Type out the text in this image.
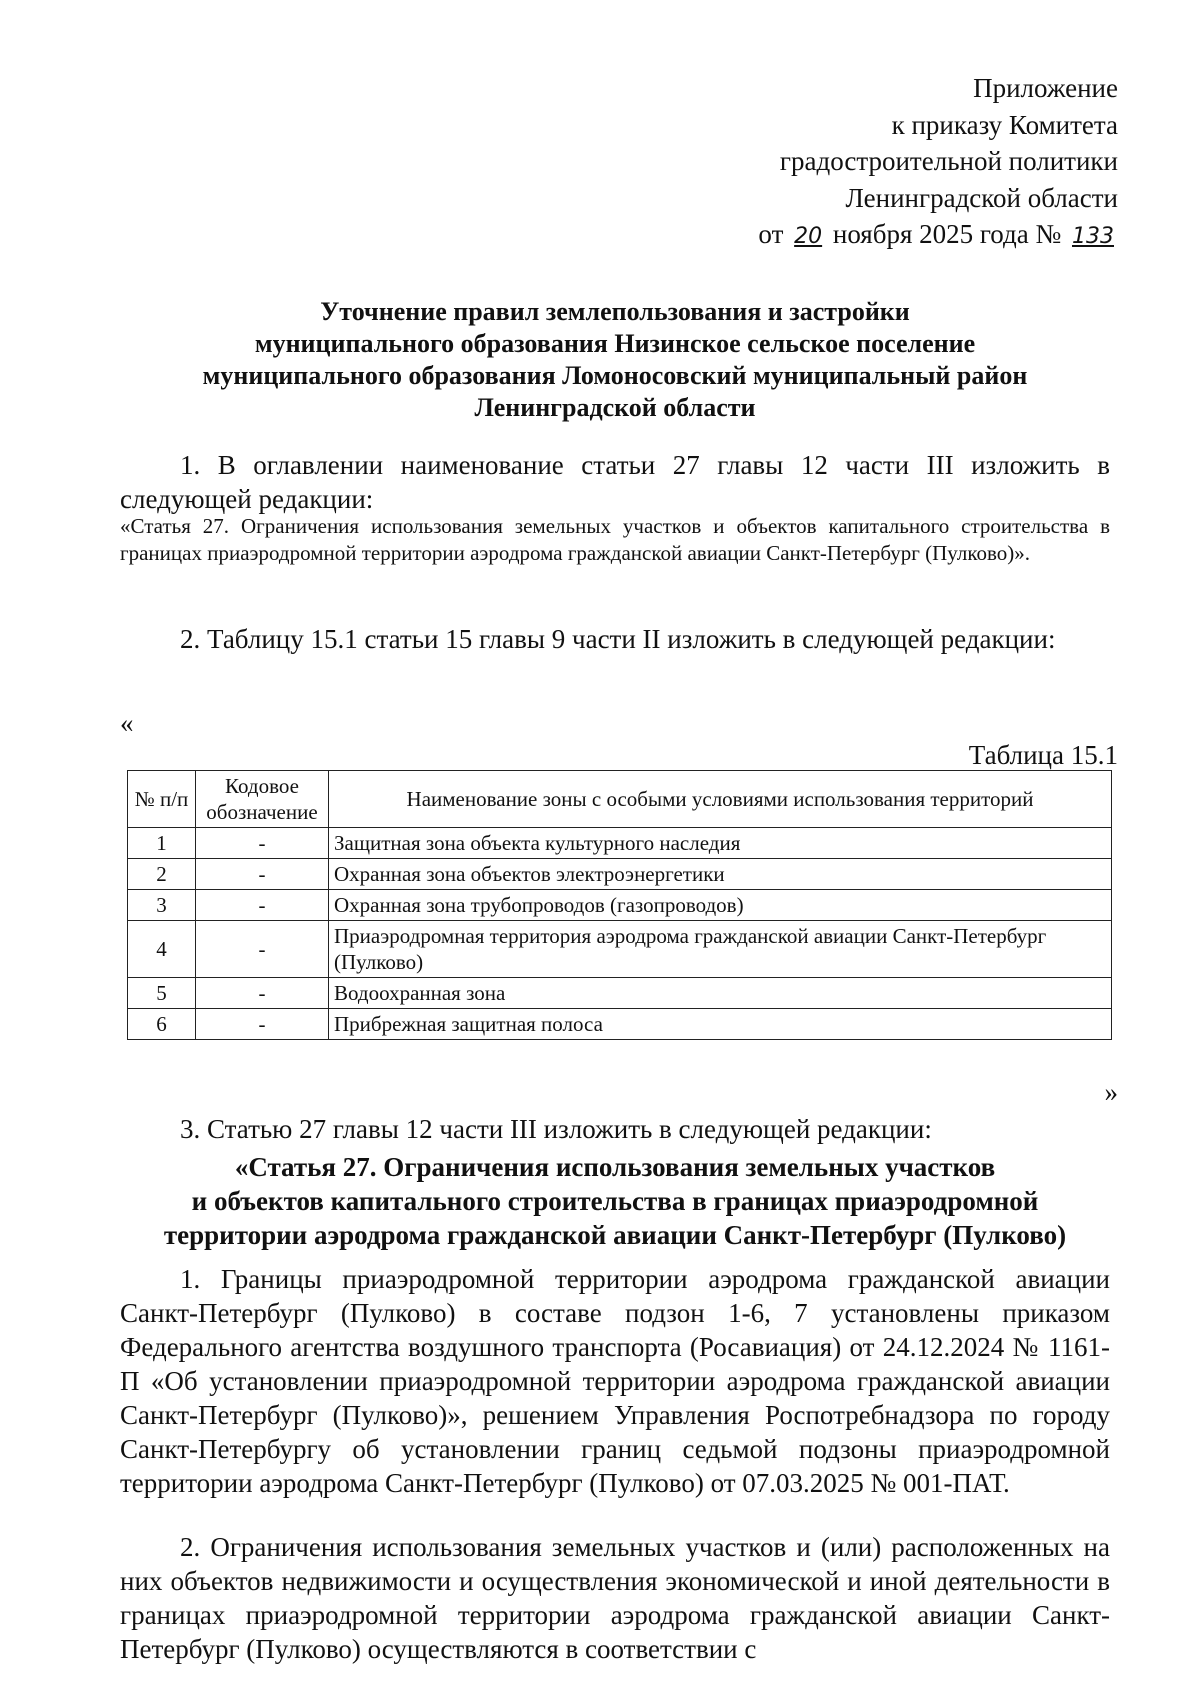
Приложение
к приказу Комитета
градостроительной политики
Ленинградской области
от 20 ноября 2025 года № 133
Уточнение правил землепользования и застройки
муниципального образования Низинское сельское поселение
муниципального образования Ломоносовский муниципальный район
Ленинградской области
1. В оглавлении наименование статьи 27 главы 12 части III изложить в следующей редакции:
«Статья 27. Ограничения использования земельных участков и объектов капитального строительства в границах приаэродромной территории аэродрома гражданской авиации Санкт-Петербург (Пулково)».
2. Таблицу 15.1 статьи 15 главы 9 части II изложить в следующей редакции:
«
Таблица 15.1
№ п/п	Кодовое обозначение	Наименование зоны с особыми условиями использования территорий
1	-	Защитная зона объекта культурного наследия
2	-	Охранная зона объектов электроэнергетики
3	-	Охранная зона трубопроводов (газопроводов)
4	-	Приаэродромная территория аэродрома гражданской авиации Санкт-Петербург (Пулково)
5	-	Водоохранная зона
6	-	Прибрежная защитная полоса
»
3. Статью 27 главы 12 части III изложить в следующей редакции:
«Статья 27. Ограничения использования земельных участков
и объектов капитального строительства в границах приаэродромной
территории аэродрома гражданской авиации Санкт-Петербург (Пулково)
1. Границы приаэродромной территории аэродрома гражданской авиации Санкт-Петербург (Пулково) в составе подзон 1-6, 7 установлены приказом Федерального агентства воздушного транспорта (Росавиация) от 24.12.2024 № 1161-П «Об установлении приаэродромной территории аэродрома гражданской авиации Санкт-Петербург (Пулково)», решением Управления Роспотребнадзора по городу Санкт-Петербургу об установлении границ седьмой подзоны приаэродромной территории аэродрома Санкт-Петербург (Пулково) от 07.03.2025 № 001-ПАТ.
2. Ограничения использования земельных участков и (или) расположенных на них объектов недвижимости и осуществления экономической и иной деятельности в границах приаэродромной территории аэродрома гражданской авиации Санкт-Петербург (Пулково) осуществляются в соответствии с
